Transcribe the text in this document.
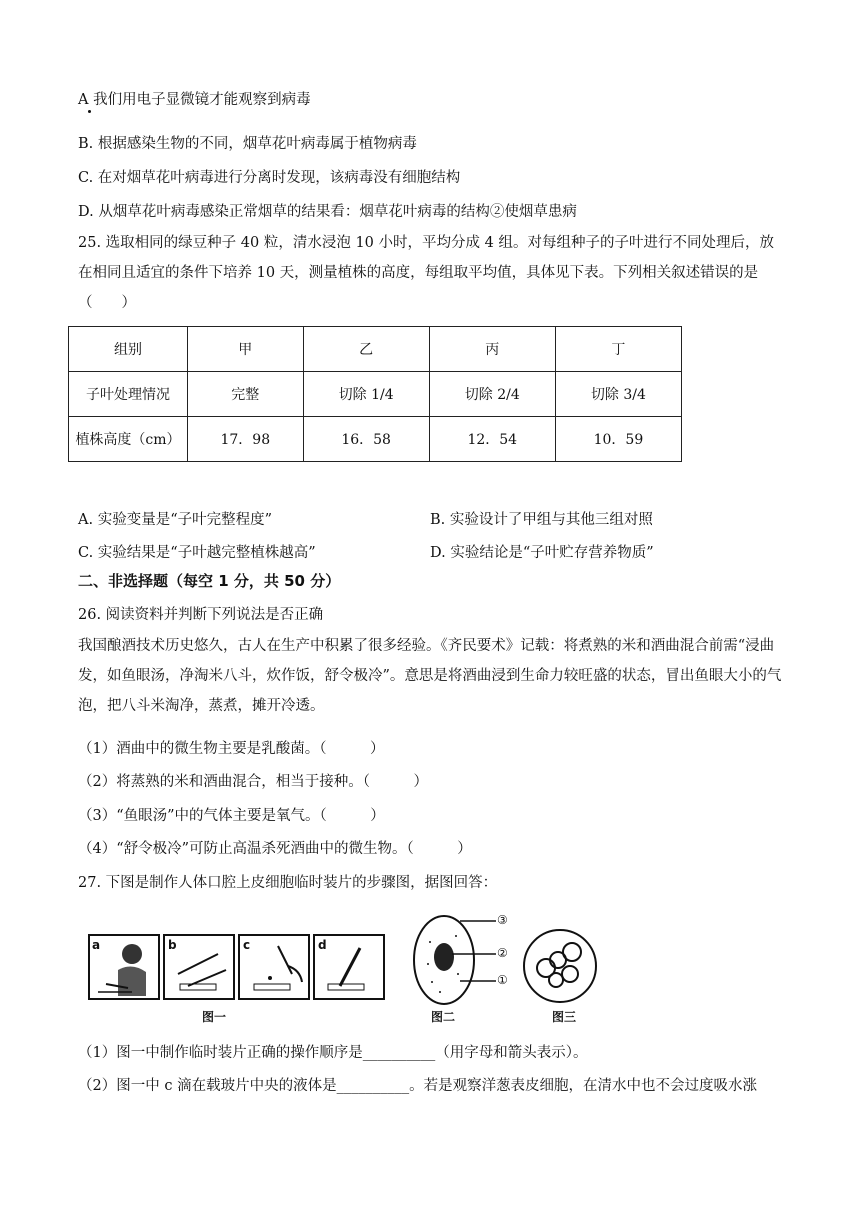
A 我们用电子显微镜才能观察到病毒
B. 根据感染生物的不同，烟草花叶病毒属于植物病毒
C. 在对烟草花叶病毒进行分离时发现，该病毒没有细胞结构
D. 从烟草花叶病毒感染正常烟草的结果看：烟草花叶病毒的结构②使烟草患病
25. 选取相同的绿豆种子 40 粒，清水浸泡 10 小时，平均分成 4 组。对每组种子的子叶进行不同处理后，放在相同且适宜的条件下培养 10 天，测量植株的高度，每组取平均值，具体见下表。下列相关叙述错误的是（　　）
组别	甲	乙	丙	丁
子叶处理情况	完整	切除 1/4	切除 2/4	切除 3/4
植株高度（cm）	17．98	16．58	12．54	10．59
A. 实验变量是“子叶完整程度”	B. 实验设计了甲组与其他三组对照
C. 实验结果是“子叶越完整植株越高”	D. 实验结论是“子叶贮存营养物质”
二、非选择题（每空 1 分，共 50 分）
26. 阅读资料并判断下列说法是否正确
我国酿酒技术历史悠久，古人在生产中积累了很多经验。《齐民要术》记载：将煮熟的米和酒曲混合前需“浸曲发，如鱼眼汤，净淘米八斗，炊作饭，舒令极冷”。意思是将酒曲浸到生命力较旺盛的状态，冒出鱼眼大小的气泡，把八斗米淘净，蒸煮，摊开冷透。
（1）酒曲中的微生物主要是乳酸菌。（　　　）
（2）将蒸熟的米和酒曲混合，相当于接种。（　　　）
（3）“鱼眼汤”中的气体主要是氧气。（　　　）
（4）“舒令极冷”可防止高温杀死酒曲中的微生物。（　　　）
27. 下图是制作人体口腔上皮细胞临时装片的步骤图，据图回答：
a	b	c	d
图一
③
②
①
图二	图三
（1）图一中制作临时装片正确的操作顺序是__________（用字母和箭头表示）。
（2）图一中 c 滴在载玻片中央的液体是__________。若是观察洋葱表皮细胞，在清水中也不会过度吸水涨
